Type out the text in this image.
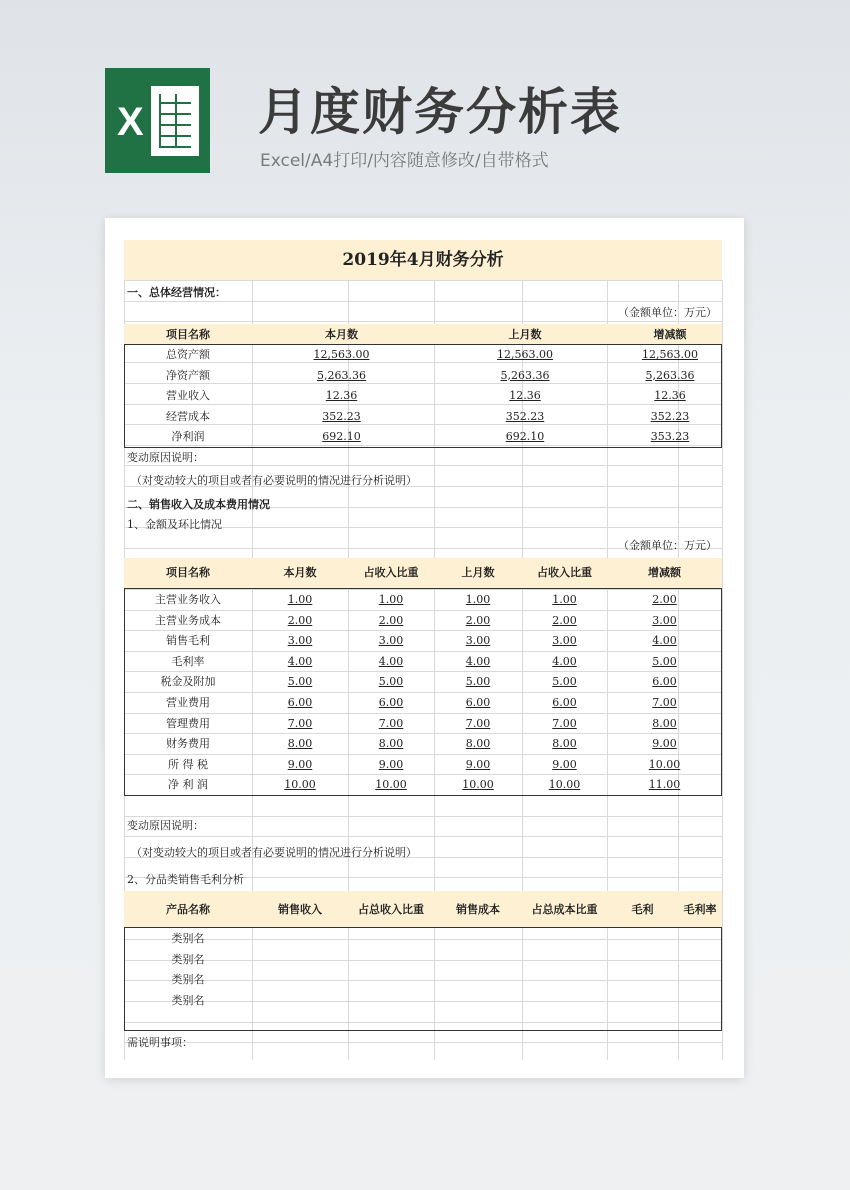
X 月度财务分析表
Excel/A4打印/内容随意修改/自带格式
2019年4月财务分析
一、总体经营情况：
（金额单位：万元）
项目名称	本月数	上月数	增减额
总资产额	12,563.00	12,563.00	12,563.00
净资产额	5,263.36	5,263.36	5,263.36
营业收入	12.36	12.36	12.36
经营成本	352.23	352.23	352.23
净利润	692.10	692.10	353.23
变动原因说明：
（对变动较大的项目或者有必要说明的情况进行分析说明）
二、销售收入及成本费用情况
1、金额及环比情况
（金额单位：万元）
项目名称	本月数	占收入比重	上月数	占收入比重	增减额
主营业务收入	1.00	1.00	1.00	1.00	2.00
主营业务成本	2.00	2.00	2.00	2.00	3.00
销售毛利	3.00	3.00	3.00	3.00	4.00
毛利率	4.00	4.00	4.00	4.00	5.00
税金及附加	5.00	5.00	5.00	5.00	6.00
营业费用	6.00	6.00	6.00	6.00	7.00
管理费用	7.00	7.00	7.00	7.00	8.00
财务费用	8.00	8.00	8.00	8.00	9.00
所 得 税	9.00	9.00	9.00	9.00	10.00
净 利 润	10.00	10.00	10.00	10.00	11.00
变动原因说明：
（对变动较大的项目或者有必要说明的情况进行分析说明）
2、分品类销售毛利分析
产品名称	销售收入	占总收入比重	销售成本	占总成本比重	毛利	毛利率
类别名
类别名
类别名
类别名
需说明事项：
